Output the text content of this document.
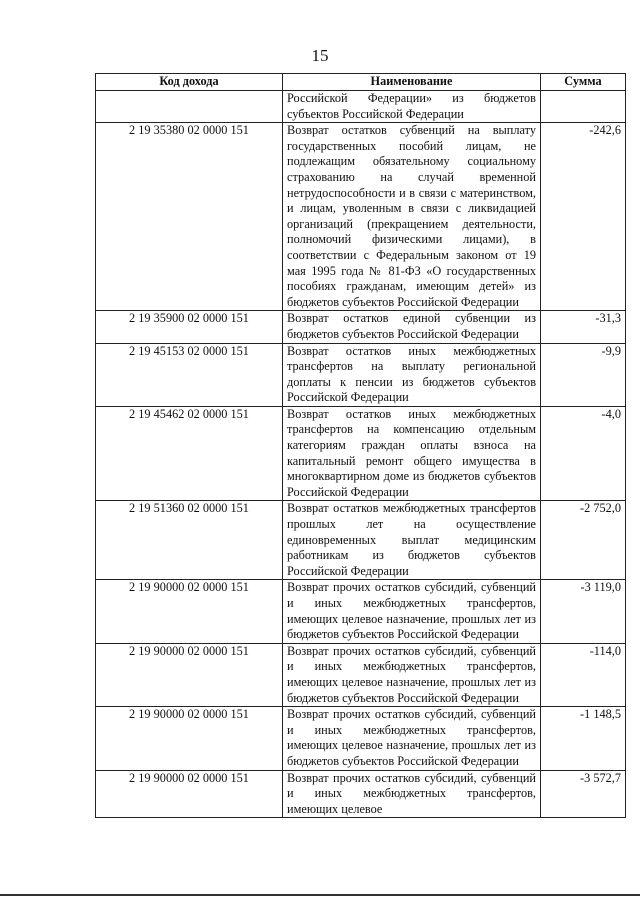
15
Код дохода	Наименование	Сумма
	Российской Федерации» из бюджетов субъектов Российской Федерации	
2 19 35380 02 0000 151	Возврат остатков субвенций на выплату государственных пособий лицам, не подлежащим обязательному социальному страхованию на случай временной нетрудоспособности и в связи с материнством, и лицам, уволенным в связи с ликвидацией организаций (прекращением деятельности, полномочий физическими лицами), в соответствии с Федеральным законом от 19 мая 1995 года № 81-ФЗ «О государственных пособиях гражданам, имеющим детей» из бюджетов субъектов Российской Федерации	-242,6
2 19 35900 02 0000 151	Возврат остатков единой субвенции из бюджетов субъектов Российской Федерации	-31,3
2 19 45153 02 0000 151	Возврат остатков иных межбюджетных трансфертов на выплату региональной доплаты к пенсии из бюджетов субъектов Российской Федерации	-9,9
2 19 45462 02 0000 151	Возврат остатков иных межбюджетных трансфертов на компенсацию отдельным категориям граждан оплаты взноса на капитальный ремонт общего имущества в многоквартирном доме из бюджетов субъектов Российской Федерации	-4,0
2 19 51360 02 0000 151	Возврат остатков межбюджетных трансфертов прошлых лет на осуществление единовременных выплат медицинским работникам из бюджетов субъектов Российской Федерации	-2 752,0
2 19 90000 02 0000 151	Возврат прочих остатков субсидий, субвенций и иных межбюджетных трансфертов, имеющих целевое назначение, прошлых лет из бюджетов субъектов Российской Федерации	-3 119,0
2 19 90000 02 0000 151	Возврат прочих остатков субсидий, субвенций и иных межбюджетных трансфертов, имеющих целевое назначение, прошлых лет из бюджетов субъектов Российской Федерации	-114,0
2 19 90000 02 0000 151	Возврат прочих остатков субсидий, субвенций и иных межбюджетных трансфертов, имеющих целевое назначение, прошлых лет из бюджетов субъектов Российской Федерации	-1 148,5
2 19 90000 02 0000 151	Возврат прочих остатков субсидий, субвенций и иных межбюджетных трансфертов, имеющих целевое	-3 572,7
